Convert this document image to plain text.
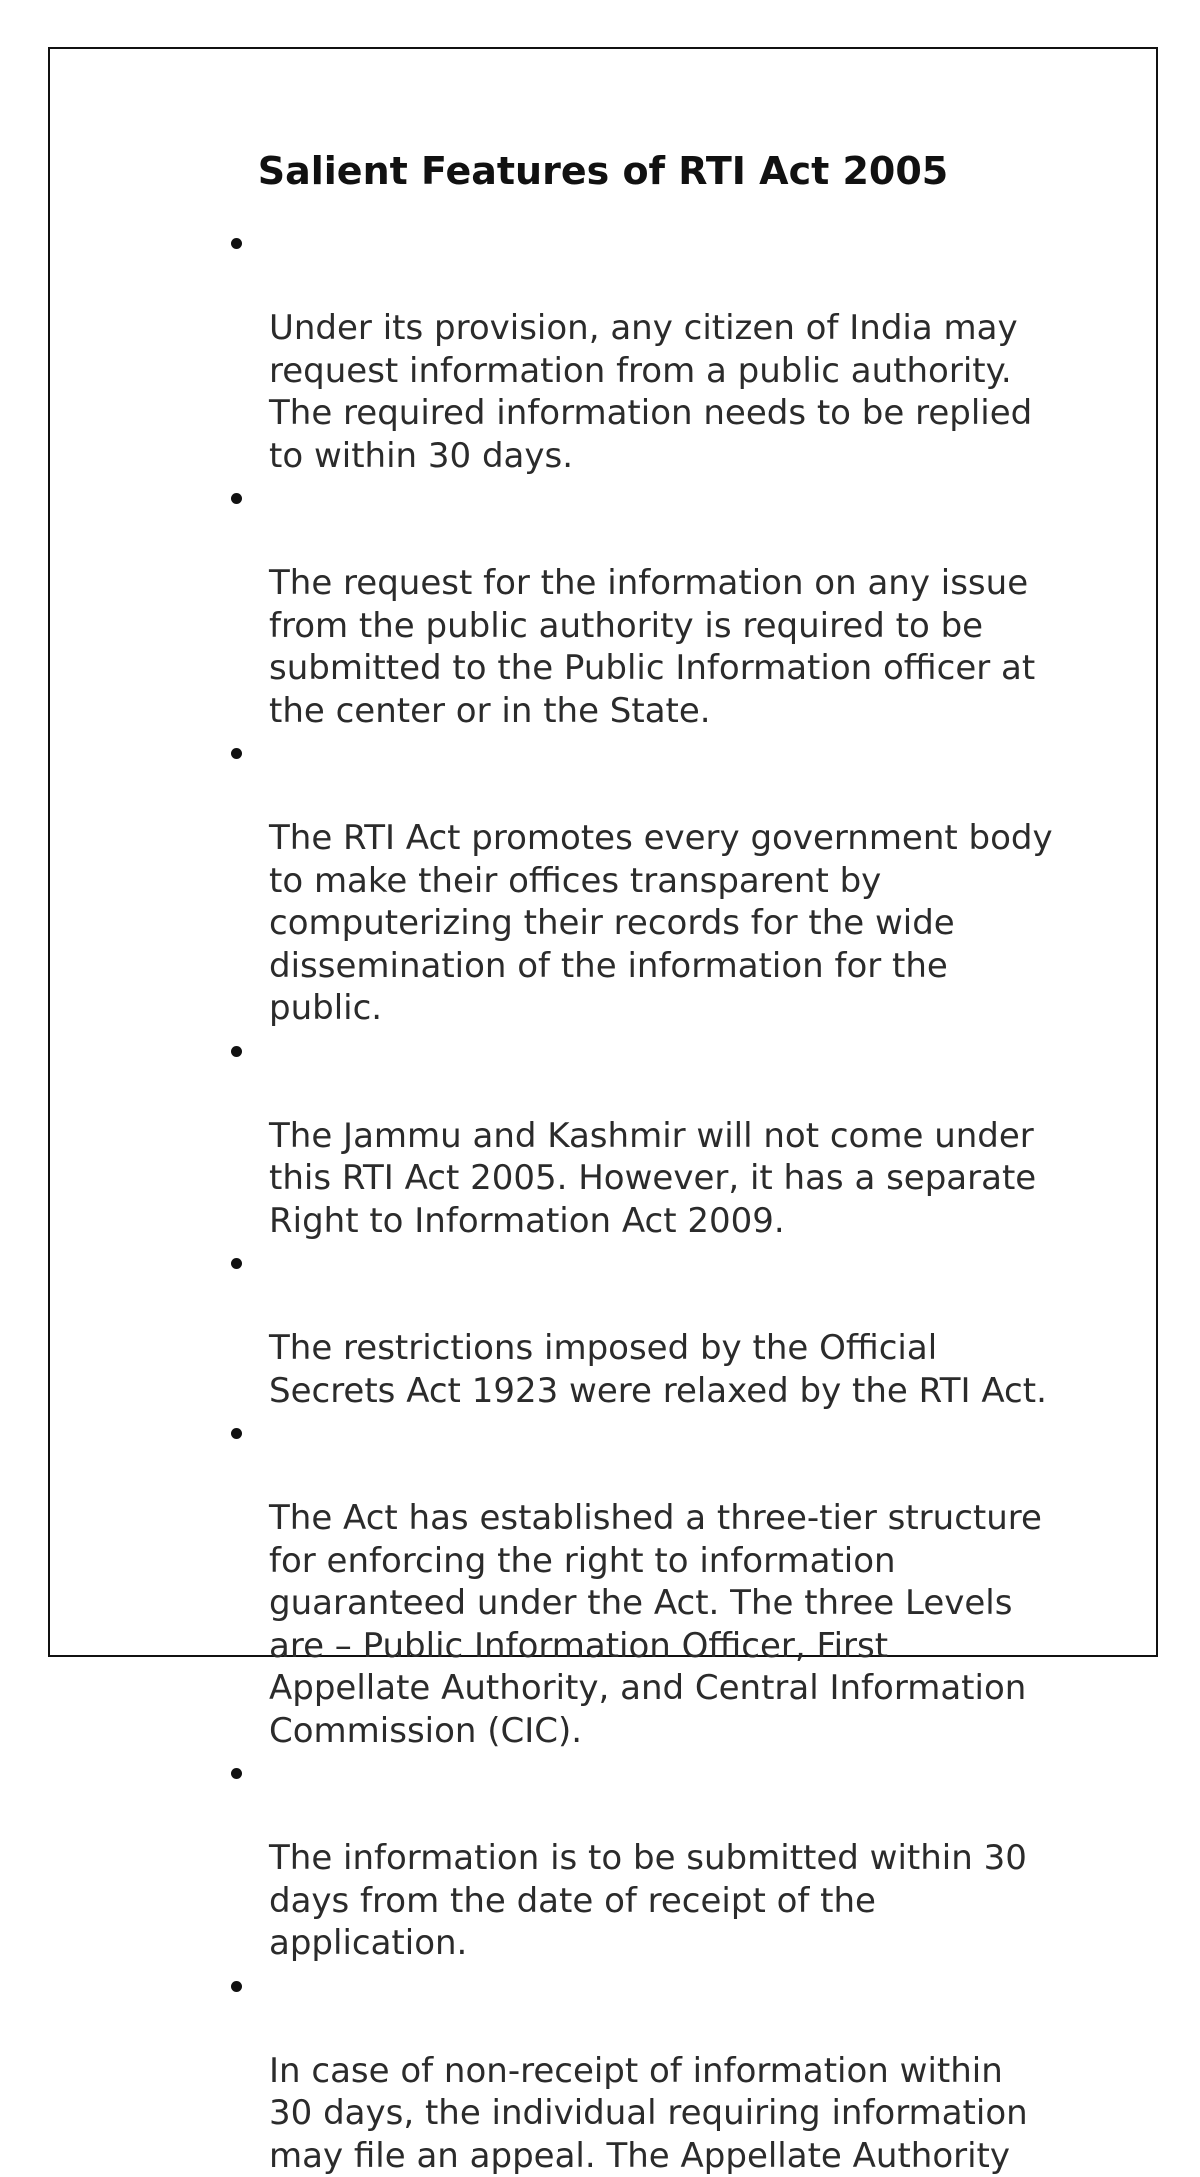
Salient Features of RTI Act 2005

Under its provision, any citizen of India may
request information from a public authority.
The required information needs to be replied
to within 30 days.

The request for the information on any issue
from the public authority is required to be
submitted to the Public Information officer at
the center or in the State.

The RTI Act promotes every government body
to make their offices transparent by
computerizing their records for the wide
dissemination of the information for the
public.

The Jammu and Kashmir will not come under
this RTI Act 2005. However, it has a separate
Right to Information Act 2009.

The restrictions imposed by the Official
Secrets Act 1923 were relaxed by the RTI Act.

The Act has established a three-tier structure
for enforcing the right to information
guaranteed under the Act. The three Levels
are – Public Information Officer, First
Appellate Authority, and Central Information
Commission (CIC).

The information is to be submitted within 30
days from the date of receipt of the
application.

In case of non-receipt of information within
30 days, the individual requiring information
may file an appeal. The Appellate Authority
